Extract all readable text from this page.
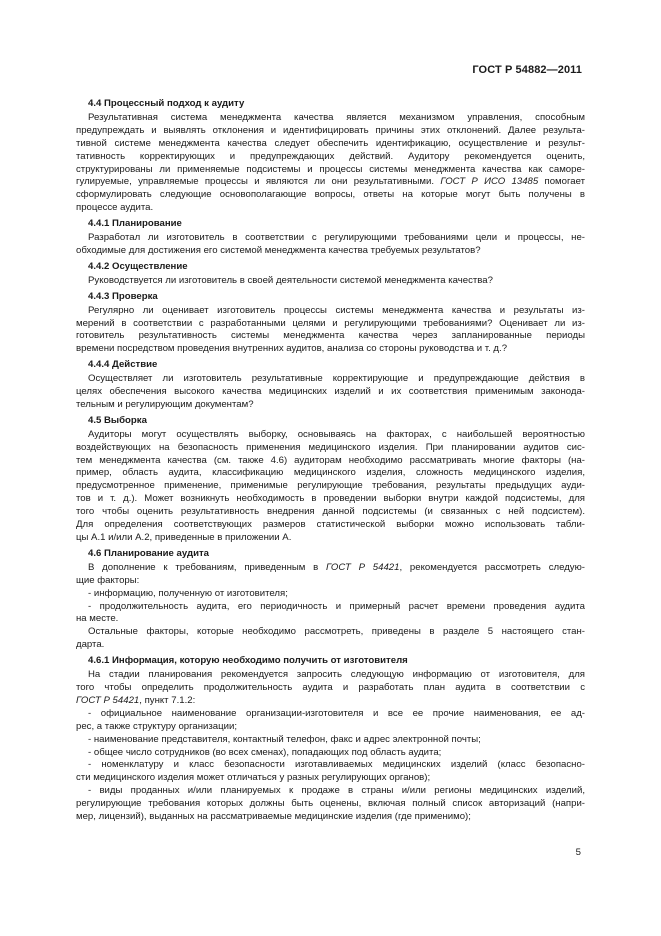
ГОСТ Р 54882—2011
4.4 Процессный подход к аудиту
Результативная система менеджмента качества является механизмом управления, способным
предупреждать и выявлять отклонения и идентифицировать причины этих отклонений. Далее результа-
тивной системе менеджмента качества следует обеспечить идентификацию, осуществление и результ-
тативность корректирующих и предупреждающих действий. Аудитору рекомендуется оценить,
структурированы ли применяемые подсистемы и процессы системы менеджмента качества как саморе-
гулируемые, управляемые процессы и являются ли они результативными. ГОСТ Р ИСО 13485 помогает
сформулировать следующие основополагающие вопросы, ответы на которые могут быть получены в
процессе аудита.
4.4.1 Планирование
Разработал ли изготовитель в соответствии с регулирующими требованиями цели и процессы, не-
обходимые для достижения его системой менеджмента качества требуемых результатов?
4.4.2 Осуществление
Руководствуется ли изготовитель в своей деятельности системой менеджмента качества?
4.4.3 Проверка
Регулярно ли оценивает изготовитель процессы системы менеджмента качества и результаты из-
мерений в соответствии с разработанными целями и регулирующими требованиями? Оценивает ли из-
готовитель результативность системы менеджмента качества через запланированные периоды
времени посредством проведения внутренних аудитов, анализа со стороны руководства и т. д.?
4.4.4 Действие
Осуществляет ли изготовитель результативные корректирующие и предупреждающие действия в
целях обеспечения высокого качества медицинских изделий и их соответствия применимым законода-
тельным и регулирующим документам?
4.5 Выборка
Аудиторы могут осуществлять выборку, основываясь на факторах, с наибольшей вероятностью
воздействующих на безопасность применения медицинского изделия. При планировании аудитов сис-
тем менеджмента качества (см. также 4.6) аудиторам необходимо рассматривать многие факторы (на-
пример, область аудита, классификацию медицинского изделия, сложность медицинского изделия,
предусмотренное применение, применимые регулирующие требования, результаты предыдущих ауди-
тов и т. д.). Может возникнуть необходимость в проведении выборки внутри каждой подсистемы, для
того чтобы оценить результативность внедрения данной подсистемы (и связанных с ней подсистем).
Для определения соответствующих размеров статистической выборки можно использовать табли-
цы А.1 и/или А.2, приведенные в приложении А.
4.6 Планирование аудита
В дополнение к требованиям, приведенным в ГОСТ Р 54421, рекомендуется рассмотреть следую-
щие факторы:
- информацию, полученную от изготовителя;
- продолжительность аудита, его периодичность и примерный расчет времени проведения аудита
на месте.
Остальные факторы, которые необходимо рассмотреть, приведены в разделе 5 настоящего стан-
дарта.
4.6.1 Информация, которую необходимо получить от изготовителя
На стадии планирования рекомендуется запросить следующую информацию от изготовителя, для
того чтобы определить продолжительность аудита и разработать план аудита в соответствии с
ГОСТ Р 54421, пункт 7.1.2:
- официальное наименование организации-изготовителя и все ее прочие наименования, ее ад-
рес, а также структуру организации;
- наименование представителя, контактный телефон, факс и адрес электронной почты;
- общее число сотрудников (во всех сменах), попадающих под область аудита;
- номенклатуру и класс безопасности изготавливаемых медицинских изделий (класс безопасно-
сти медицинского изделия может отличаться у разных регулирующих органов);
- виды проданных и/или планируемых к продаже в страны и/или регионы медицинских изделий,
регулирующие требования которых должны быть оценены, включая полный список авторизаций (напри-
мер, лицензий), выданных на рассматриваемые медицинские изделия (где применимо);
5
